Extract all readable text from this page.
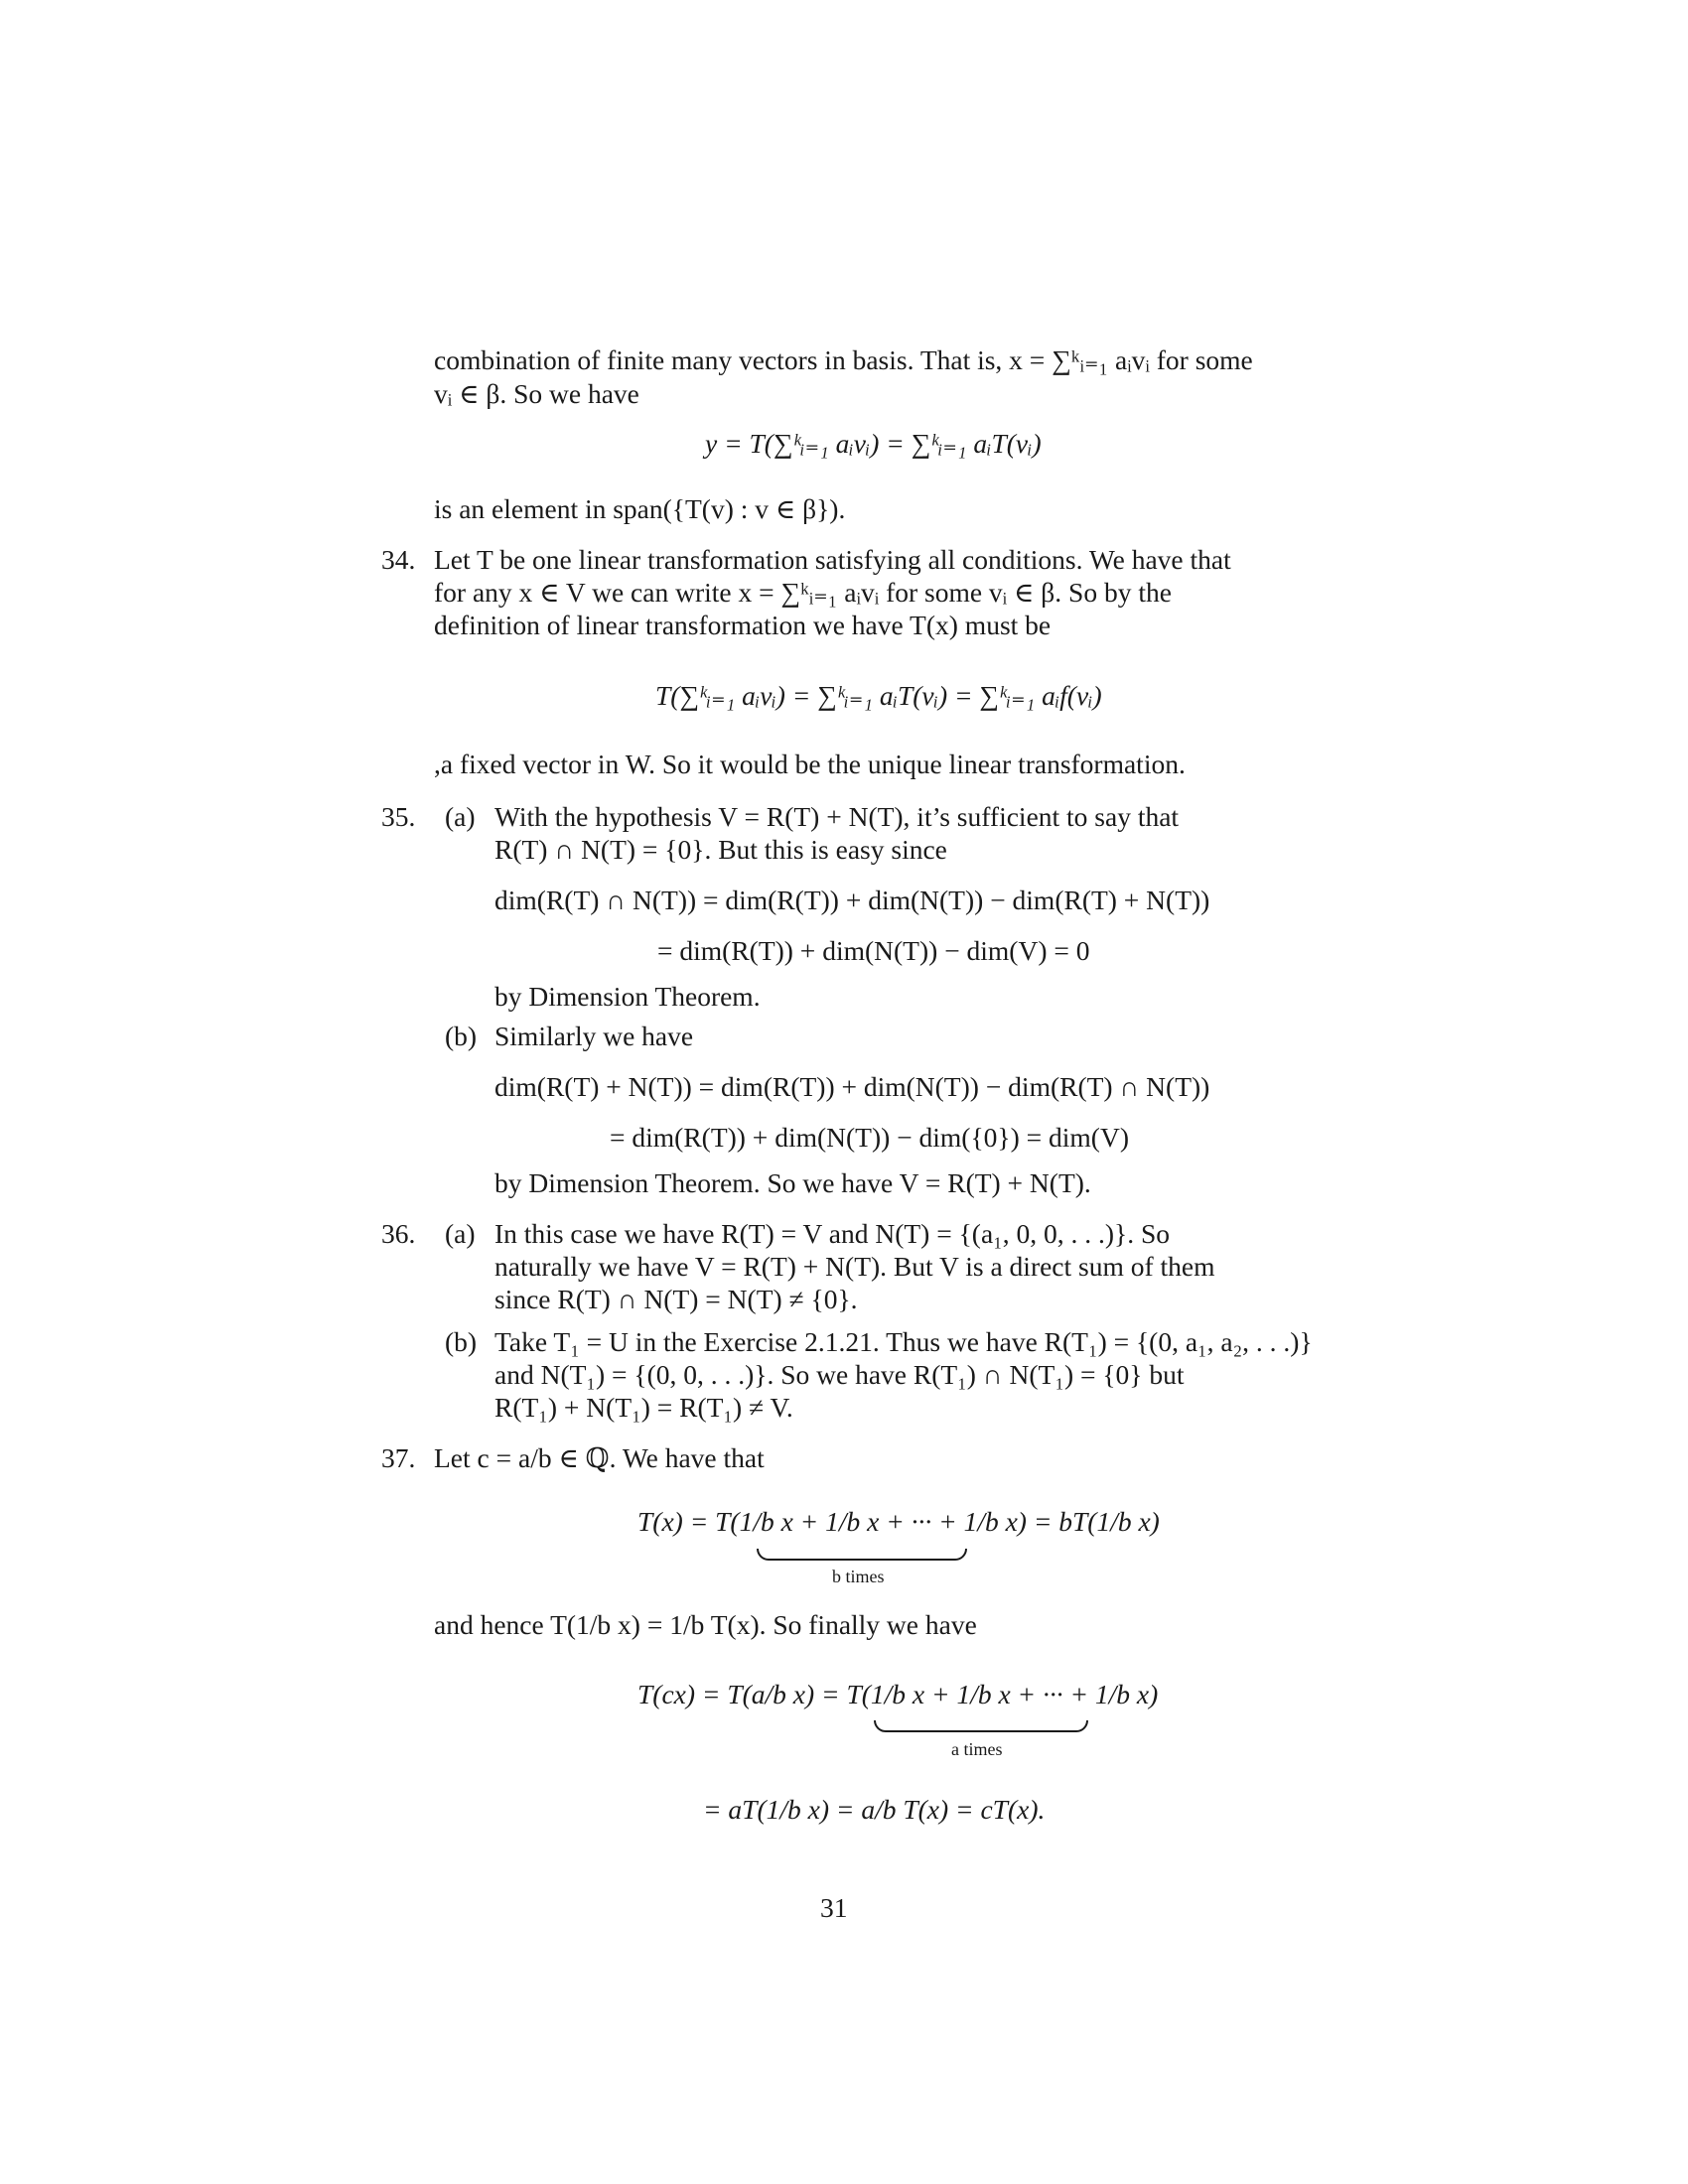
combination of finite many vectors in basis. That is, x = ∑ᵏᵢ₌₁ aᵢvᵢ for some
vᵢ ∈ β. So we have
y = T(∑ᵏᵢ₌₁ aᵢvᵢ) = ∑ᵏᵢ₌₁ aᵢT(vᵢ)
is an element in span({T(v) : v ∈ β}).
34. Let T be one linear transformation satisfying all conditions. We have that
for any x ∈ V we can write x = ∑ᵏᵢ₌₁ aᵢvᵢ for some vᵢ ∈ β. So by the
definition of linear transformation we have T(x) must be
T(∑ᵏᵢ₌₁ aᵢvᵢ) = ∑ᵏᵢ₌₁ aᵢT(vᵢ) = ∑ᵏᵢ₌₁ aᵢf(vᵢ)
,a fixed vector in W. So it would be the unique linear transformation.
35. (a) With the hypothesis V = R(T) + N(T), it’s sufficient to say that
R(T) ∩ N(T) = {0}. But this is easy since
dim(R(T) ∩ N(T)) = dim(R(T)) + dim(N(T)) − dim(R(T) + N(T))
= dim(R(T)) + dim(N(T)) − dim(V) = 0
by Dimension Theorem.
(b) Similarly we have
dim(R(T) + N(T)) = dim(R(T)) + dim(N(T)) − dim(R(T) ∩ N(T))
= dim(R(T)) + dim(N(T)) − dim({0}) = dim(V)
by Dimension Theorem. So we have V = R(T) + N(T).
36. (a) In this case we have R(T) = V and N(T) = {(a₁, 0, 0, . . .)}. So
naturally we have V = R(T) + N(T). But V is a direct sum of them
since R(T) ∩ N(T) = N(T) ≠ {0}.
(b) Take T₁ = U in the Exercise 2.1.21. Thus we have R(T₁) = {(0, a₁, a₂, . . .)}
and N(T₁) = {(0, 0, . . .)}. So we have R(T₁) ∩ N(T₁) = {0} but
R(T₁) + N(T₁) = R(T₁) ≠ V.
37. Let c = a/b ∈ ℚ. We have that
T(x) = T(1/b x + 1/b x + ··· + 1/b x) = bT(1/b x)
b times
and hence T(1/b x) = 1/b T(x). So finally we have
T(cx) = T(a/b x) = T(1/b x + 1/b x + ··· + 1/b x)
a times
= aT(1/b x) = a/b T(x) = cT(x).
31
